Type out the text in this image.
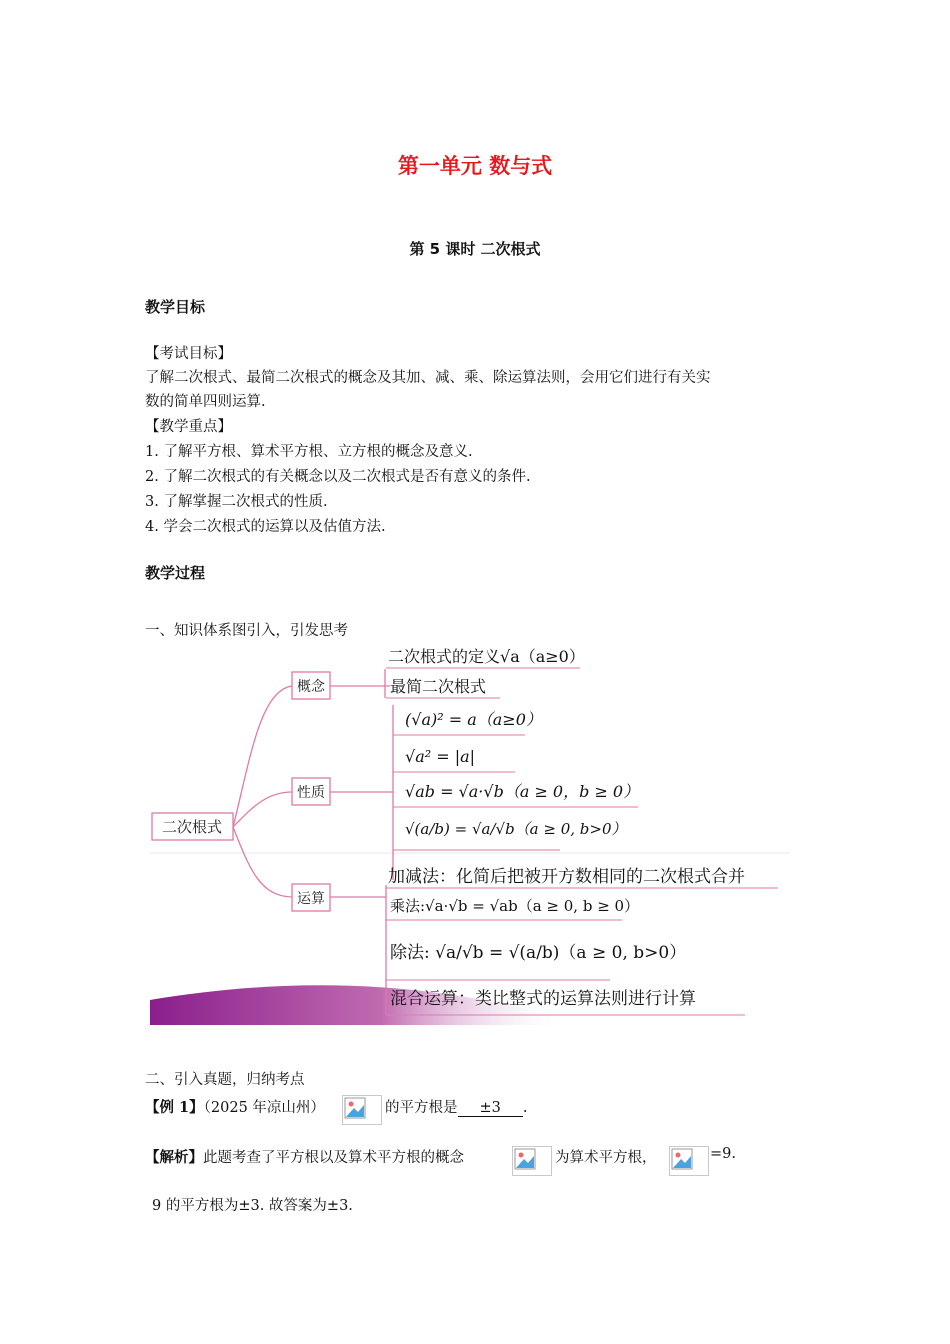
第一单元 数与式
第 5 课时 二次根式
教学目标
【考试目标】
了解二次根式、最简二次根式的概念及其加、减、乘、除运算法则，会用它们进行有关实
数的简单四则运算.
【教学重点】
1. 了解平方根、算术平方根、立方根的概念及意义.
2. 了解二次根式的有关概念以及二次根式是否有意义的条件.
3. 了解掌握二次根式的性质.
4. 学会二次根式的运算以及估值方法.
教学过程
一、知识体系图引入，引发思考
二次根式
概念
性质
运算
二次根式的定义√a（a≥0）
最简二次根式
(√a)² = a（a≥0）
√a² = |a|
√ab = √a·√b（a ≥ 0，b ≥ 0）
√(a/b) = √a/√b（a ≥ 0, b>0）
加减法：化简后把被开方数相同的二次根式合并
乘法:√a·√b = √ab（a ≥ 0, b ≥ 0）
除法: √a/√b = √(a/b)（a ≥ 0, b>0）
混合运算：类比整式的运算法则进行计算
二、引入真题，归纳考点
【例 1】（2025 年凉山州）	的平方根是 ±3 .
【解析】此题考查了平方根以及算术平方根的概念	为算术平方根，	=9.
9 的平方根为±3. 故答案为±3.
